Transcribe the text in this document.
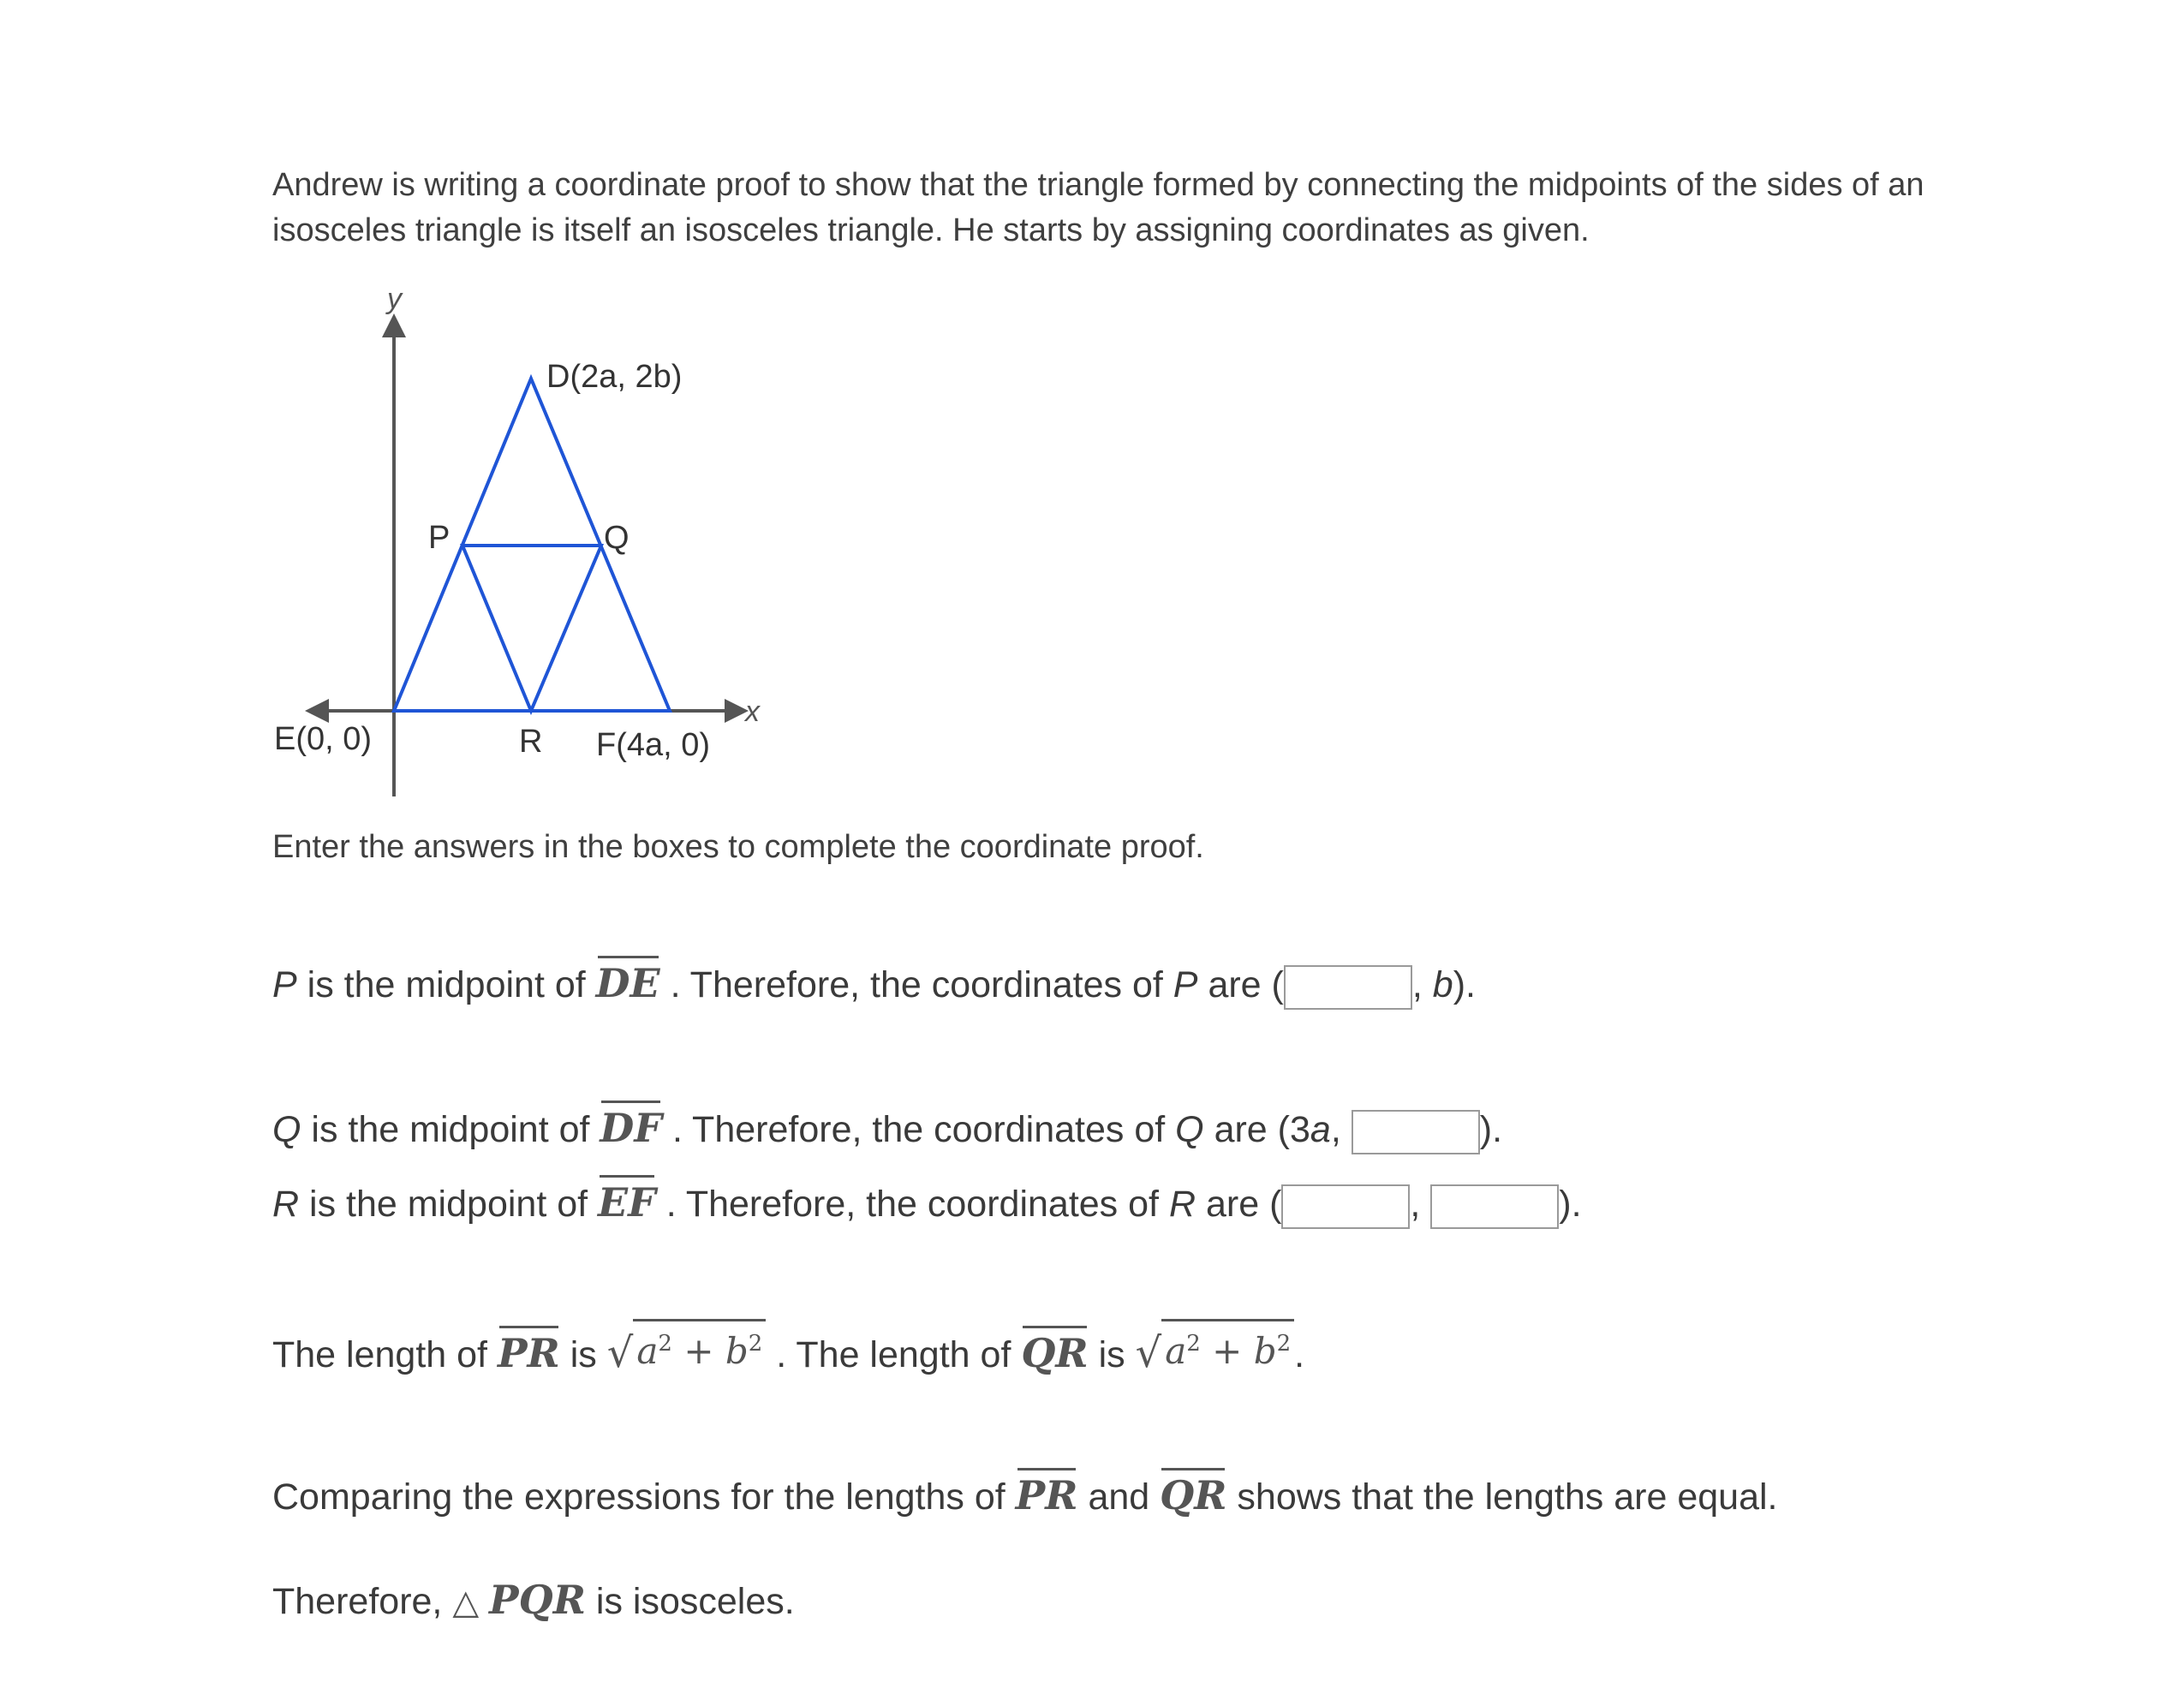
Andrew is writing a coordinate proof to show that the triangle formed by connecting the midpoints of the sides of an isosceles triangle is itself an isosceles triangle. He starts by assigning coordinates as given.
y
x
D(2a, 2b)
P	Q
E(0, 0)	R F(4a, 0)
Enter the answers in the boxes to complete the coordinate proof.
P is the midpoint of DE . Therefore, the coordinates of P are (	, b).
Q is the midpoint of DF . Therefore, the coordinates of Q are (3a,	).
R is the midpoint of EF . Therefore, the coordinates of R are (	,	).
The length of PR is √ $a^2 + b^2$ . The length of QR is √ $a^2 + b^2$ .
Comparing the expressions for the lengths of PR and QR shows that the lengths are equal.
Therefore, △ PQR is isosceles.
